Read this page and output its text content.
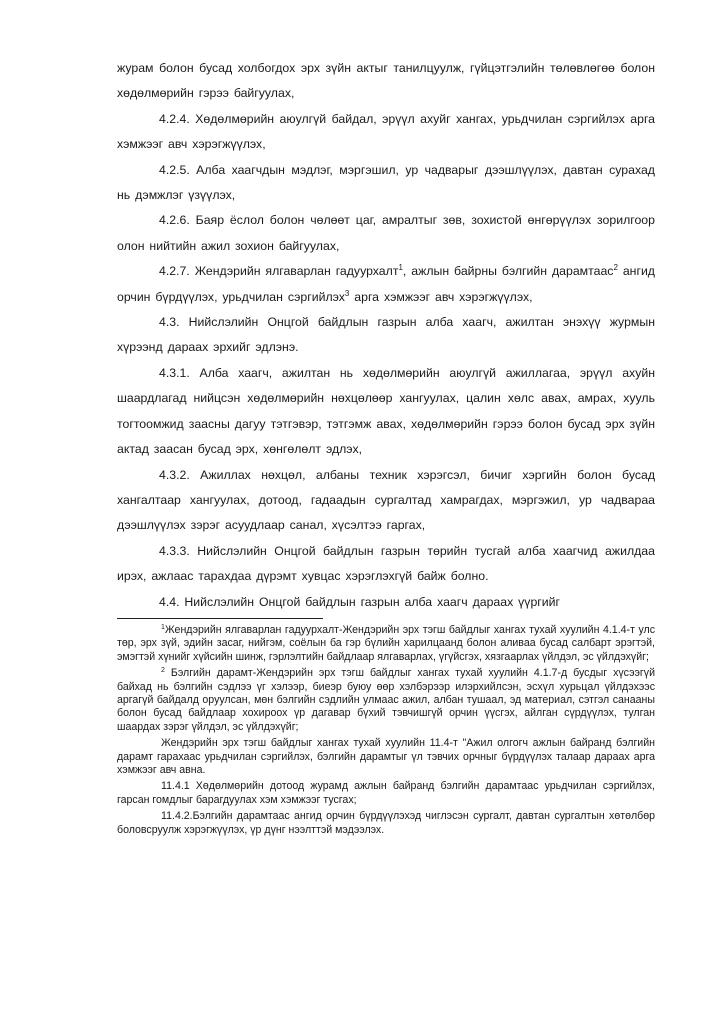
журам болон бусад холбогдох эрх зүйн актыг танилцуулж, гүйцэтгэлийн төлөвлөгөө болон хөдөлмөрийн гэрээ байгуулах,

4.2.4. Хөдөлмөрийн аюулгүй байдал, эрүүл ахуйг хангах, урьдчилан сэргийлэх арга хэмжээг авч хэрэгжүүлэх,

4.2.5. Алба хаагчдын мэдлэг, мэргэшил, ур чадварыг дээшлүүлэх, давтан сурахад нь дэмжлэг үзүүлэх,

4.2.6. Баяр ёслол болон чөлөөт цаг, амралтыг зөв, зохистой өнгөрүүлэх зорилгоор олон нийтийн ажил зохион байгуулах,

4.2.7. Жендэрийн ялгаварлан гадуурхалт$^1$, ажлын байрны бэлгийн дарамтаас$^2$ ангид орчин бүрдүүлэх, урьдчилан сэргийлэх$^3$ арга хэмжээг авч хэрэгжүүлэх,

4.3. Нийслэлийн Онцгой байдлын газрын алба хаагч, ажилтан энэхүү журмын хүрээнд дараах эрхийг эдлэнэ.

4.3.1. Алба хаагч, ажилтан нь хөдөлмөрийн аюулгүй ажиллагаа, эрүүл ахуйн шаардлагад нийцсэн хөдөлмөрийн нөхцөлөөр хангуулах, цалин хөлс авах, амрах, хууль тогтоомжид заасны дагуу тэтгэвэр, тэтгэмж авах, хөдөлмөрийн гэрээ болон бусад эрх зүйн актад заасан бусад эрх, хөнгөлөлт эдлэх,

4.3.2. Ажиллах нөхцөл, албаны техник хэрэгсэл, бичиг хэргийн болон бусад хангалтаар хангуулах, дотоод, гадаадын сургалтад хамрагдах, мэргэжил, ур чадвараа дээшлүүлэх зэрэг асуудлаар санал, хүсэлтээ гаргах,

4.3.3. Нийслэлийн Онцгой байдлын газрын төрийн тусгай алба хаагчид ажилдаа ирэх, ажлаас тарахдаа дүрэмт хувцас хэрэглэхгүй байж болно.

4.4. Нийслэлийн Онцгой байдлын газрын алба хаагч дараах үүргийг

$^1$Жендэрийн ялгаварлан гадуурхалт-Жендэрийн эрх тэгш байдлыг хангах тухай хуулийн 4.1.4-т улс төр, эрх зүй, эдийн засаг, нийгэм, соёлын ба гэр бүлийн харилцаанд болон аливаа бусад салбарт эрэгтэй, эмэгтэй хүнийг хүйсийн шинж, гэрлэлтийн байдлаар ялгаварлах, үгүйсгэх, хязгаарлах үйлдэл, эс үйлдэхүйг;

$^2$ Бэлгийн дарамт-Жендэрийн эрх тэгш байдлыг хангах тухай хуулийн 4.1.7-д бусдыг хүсээгүй байхад нь бэлгийн сэдлээ үг хэлээр, биеэр буюу өөр хэлбэрээр илэрхийлсэн, эсхүл хурьцал үйлдэхээс аргагүй байдалд оруулсан, мөн бэлгийн сэдлийн улмаас ажил, албан тушаал, эд материал, сэтгэл санааны болон бусад байдлаар хохироох үр дагавар бүхий тэвчишгүй орчин үүсгэх, айлган сүрдүүлэх, тулган шаардах зэрэг үйлдэл, эс үйлдэхүйг;

Жендэрийн эрх тэгш байдлыг хангах тухай хуулийн 11.4-т "Ажил олгогч ажлын байранд бэлгийн дарамт гарахаас урьдчилан сэргийлэх, бэлгийн дарамтыг үл тэвчих орчныг бүрдүүлэх талаар дараах арга хэмжээг авч авна.

11.4.1 Хөдөлмөрийн дотоод журамд ажлын байранд бэлгийн дарамтаас урьдчилан сэргийлэх, гарсан гомдлыг барагдуулах хэм хэмжээг тусгах;

11.4.2.Бэлгийн дарамтаас ангид орчин бүрдүүлэхэд чиглэсэн сургалт, давтан сургалтын хөтөлбөр боловсруулж хэрэгжүүлэх, үр дүнг нээлттэй мэдээлэх.
